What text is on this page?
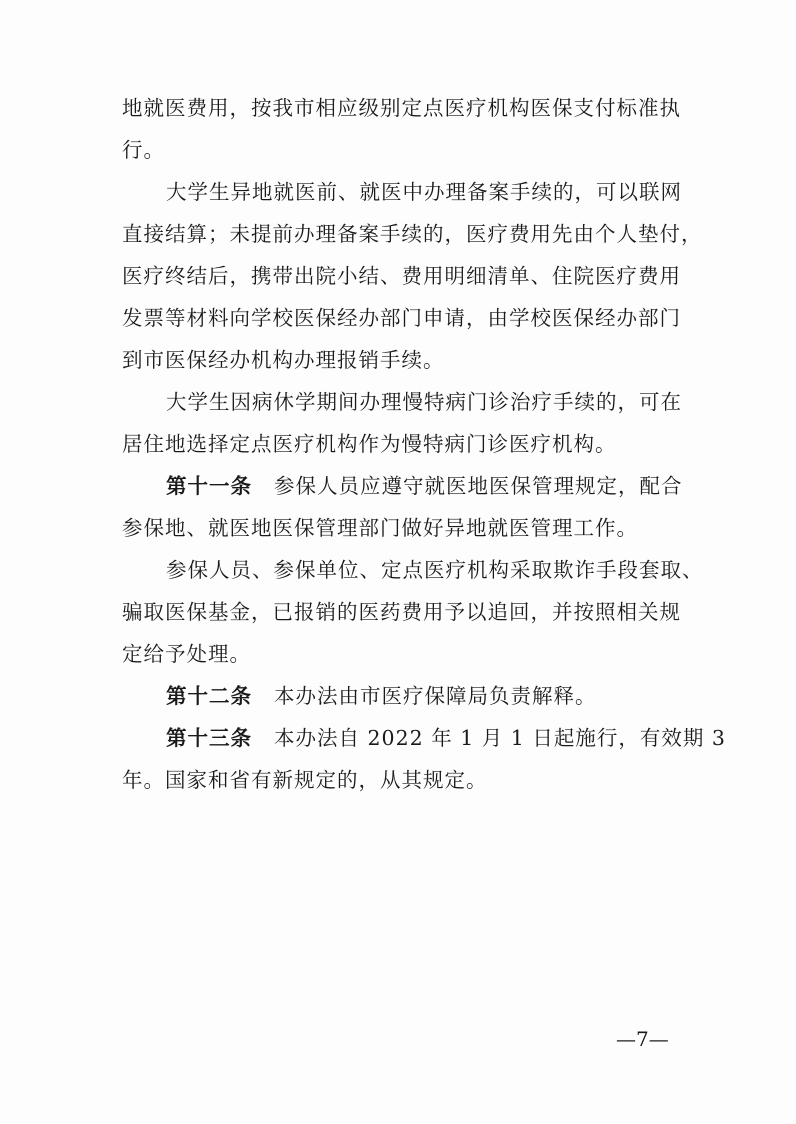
地就医费用，按我市相应级别定点医疗机构医保支付标准执
行。
大学生异地就医前、就医中办理备案手续的，可以联网
直接结算；未提前办理备案手续的，医疗费用先由个人垫付，
医疗终结后，携带出院小结、费用明细清单、住院医疗费用
发票等材料向学校医保经办部门申请，由学校医保经办部门
到市医保经办机构办理报销手续。
大学生因病休学期间办理慢特病门诊治疗手续的，可在
居住地选择定点医疗机构作为慢特病门诊医疗机构。
第十一条 参保人员应遵守就医地医保管理规定，配合
参保地、就医地医保管理部门做好异地就医管理工作。
参保人员、参保单位、定点医疗机构采取欺诈手段套取、
骗取医保基金，已报销的医药费用予以追回，并按照相关规
定给予处理。
第十二条 本办法由市医疗保障局负责解释。
第十三条 本办法自 2022 年 1 月 1 日起施行，有效期 3
年。国家和省有新规定的，从其规定。
—7—
